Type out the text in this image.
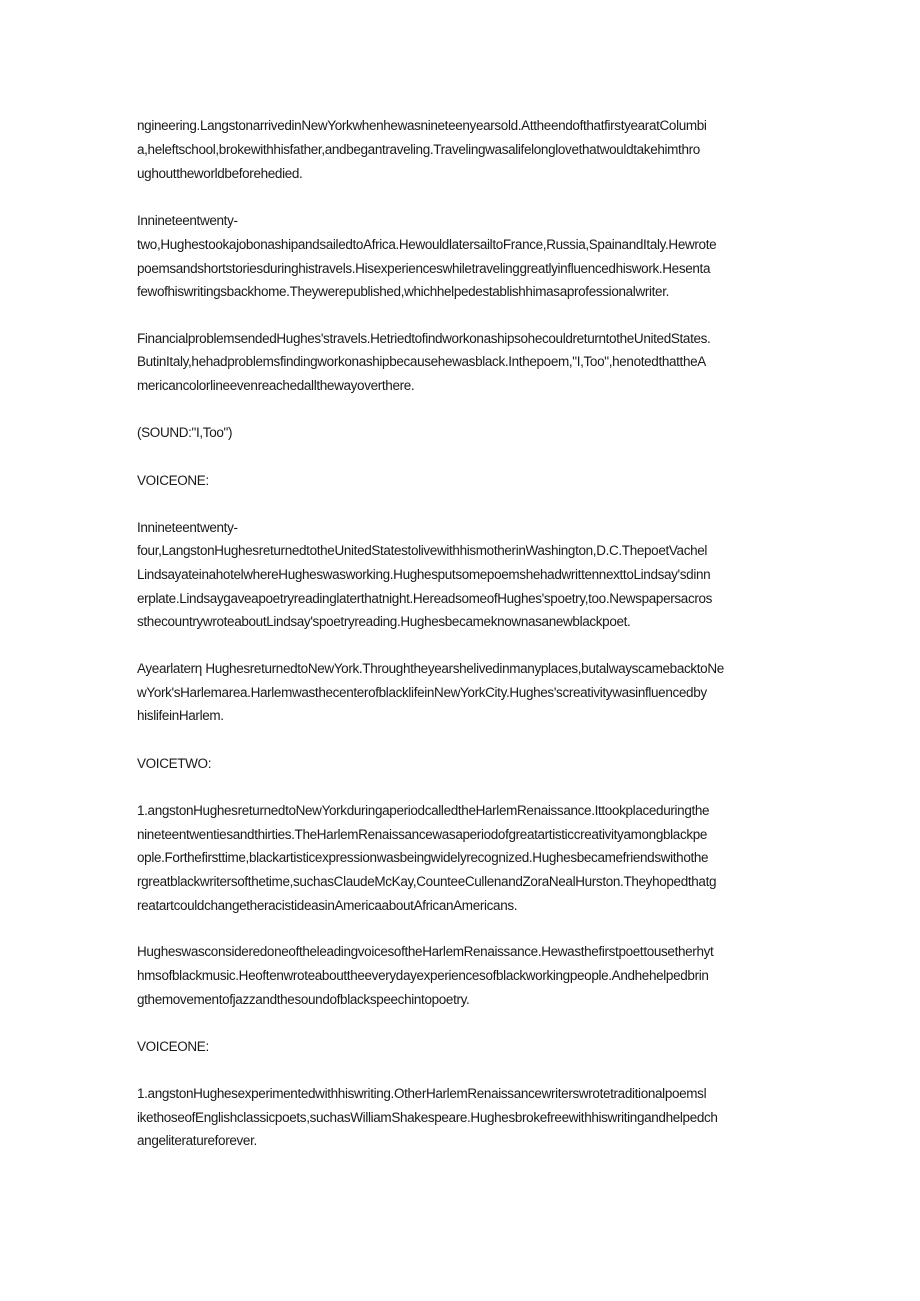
ngineering.LangstonarrivedinNewYorkwhenhewasnineteenyearsold.AttheendofthatfirstyearatColumbi
a,heleftschool,brokewithhisfather,andbegantraveling.Travelingwasalifelonglovethatwouldtakehimthro
ughouttheworldbeforehedied.
Innineteentwenty-
two,HughestookajobonashipandsailedtoAfrica.HewouldlatersailtoFrance,Russia,SpainandItaly.Hewrote
poemsandshortstoriesduringhistravels.Hisexperienceswhiletravelinggreatlyinfluencedhiswork.Hesenta
fewofhiswritingsbackhome.Theywerepublished,whichhelpedestablishhimasaprofessionalwriter.
FinancialproblemsendedHughes'stravels.HetriedtofindworkonashipsohecouldreturntotheUnitedStates.
ButinItaly,hehadproblemsfindingworkonashipbecausehewasblack.Inthepoem,"I,Too",henotedthattheA
mericancolorlineevenreachedallthewayoverthere.
(SOUND:"I,Too")
VOICEONE:
Innineteentwenty-
four,LangstonHughesreturnedtotheUnitedStatestolivewithhismotherinWashington,D.C.ThepoetVachel
LindsayateinahotelwhereHugheswasworking.HughesputsomepoemshehadwrittennexttoLindsay'sdinn
erplate.Lindsaygaveapoetryreadinglaterthatnight.HereadsomeofHughes'spoetry,too.Newspapersacros
sthecountrywroteaboutLindsay'spoetryreading.Hughesbecameknownasanewblackpoet.
Ayearlaterη HughesreturnedtoNewYork.Throughtheyearshelivedinmanyplaces,butalwayscamebacktoNe
wYork'sHarlemarea.HarlemwasthecenterofblacklifeinNewYorkCity.Hughes'screativitywasinfluencedby
hislifeinHarlem.
VOICETWO:
1.angstonHughesreturnedtoNewYorkduringaperiodcalledtheHarlemRenaissance.Ittookplaceduringthe
nineteentwentiesandthirties.TheHarlemRenaissancewasaperiodofgreatartisticcreativityamongblackpe
ople.Forthefirsttime,blackartisticexpressionwasbeingwidelyrecognized.Hughesbecamefriendswithothe
rgreatblackwritersofthetime,suchasClaudeMcKay,CounteeCullenandZoraNealHurston.Theyhopedthatg
reatartcouldchangetheracistideasinAmericaaboutAfricanAmericans.
HugheswasconsideredoneoftheleadingvoicesoftheHarlemRenaissance.Hewasthefirstpoettousetherhyt
hmsofblackmusic.Heoftenwroteabouttheeverydayexperiencesofblackworkingpeople.Andhehelpedbrin
gthemovementofjazzandthesoundofblackspeechintopoetry.
VOICEONE:
1.angstonHughesexperimentedwithhiswriting.OtherHarlemRenaissancewriterswrotetraditionalpoemsl
ikethoseofEnglishclassicpoets,suchasWilliamShakespeare.Hughesbrokefreewithhiswritingandhelpedch
angeliteratureforever.
